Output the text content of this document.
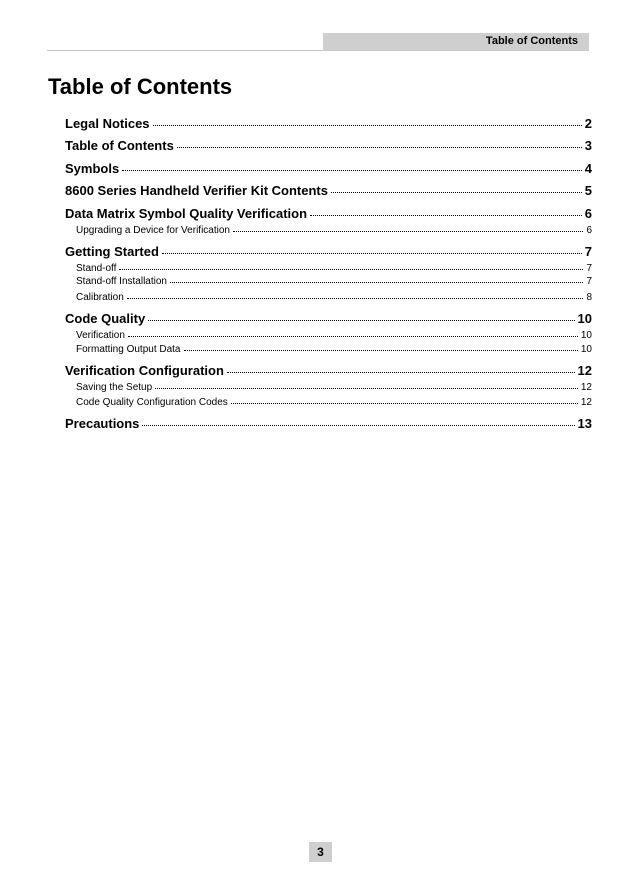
Table of Contents
Table of Contents
Legal Notices	2
Table of Contents	3
Symbols	4
8600 Series Handheld Verifier Kit Contents	5
Data Matrix Symbol Quality Verification	6
Upgrading a Device for Verification	6
Getting Started	7
Stand-off	7
Stand-off Installation	7
Calibration	8
Code Quality	10
Verification	10
Formatting Output Data	10
Verification Configuration	12
Saving the Setup	12
Code Quality Configuration Codes	12
Precautions	13
3
